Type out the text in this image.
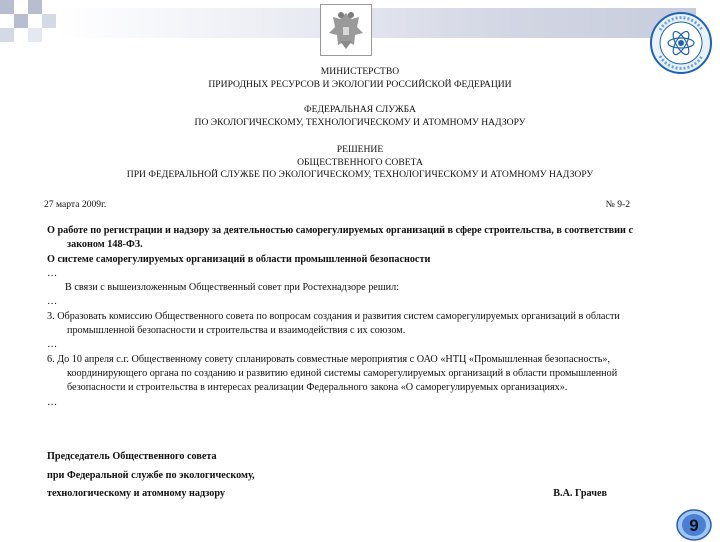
МИНИСТЕРСТВО
ПРИРОДНЫХ РЕСУРСОВ И ЭКОЛОГИИ РОССИЙСКОЙ ФЕДЕРАЦИИ
ФЕДЕРАЛЬНАЯ СЛУЖБА
ПО ЭКОЛОГИЧЕСКОМУ, ТЕХНОЛОГИЧЕСКОМУ И АТОМНОМУ НАДЗОРУ
РЕШЕНИЕ
ОБЩЕСТВЕННОГО СОВЕТА
ПРИ ФЕДЕРАЛЬНОЙ СЛУЖБЕ ПО ЭКОЛОГИЧЕСКОМУ, ТЕХНОЛОГИЧЕСКОМУ И АТОМНОМУ НАДЗОРУ
27 марта 2009г.	№ 9-2

О работе по регистрации и надзору за деятельностью саморегулируемых организаций в сфере строительства, в соответствии с законом 148-ФЗ.

О системе саморегулируемых организаций в области промышленной безопасности

…

В связи с вышеизложенным Общественный совет при Ростехнадзоре решил:

…

3. Образовать комиссию Общественного совета по вопросам создания и развития систем саморегулируемых организаций в области промышленной безопасности и строительства и взаимодействия с их союзом.

…

6. До 10 апреля с.г. Общественному совету спланировать совместные мероприятия с ОАО «НТЦ «Промышленная безопасность», координирующего органа по созданию и развитию единой системы саморегулируемых организаций в области промышленной безопасности и строительства в интересах реализации Федерального закона «О саморегулируемых организациях».

…

Председатель Общественного совета
при Федеральной службе по экологическому,
технологическому и атомному надзору	В.А. Грачев
9
